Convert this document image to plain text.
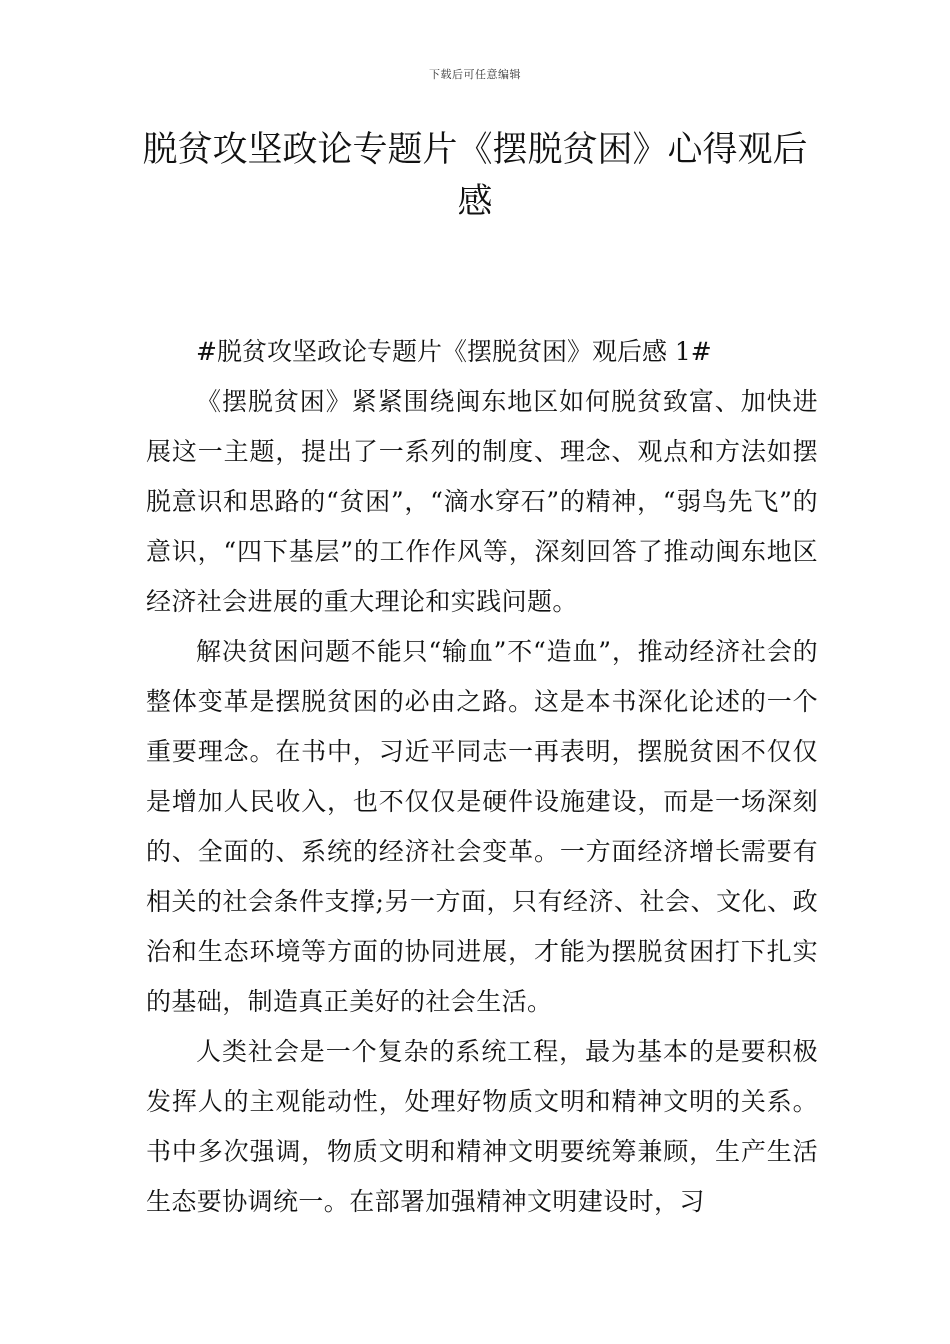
下载后可任意编辑
脱贫攻坚政论专题片《摆脱贫困》心得观后感

#脱贫攻坚政论专题片《摆脱贫困》观后感 1#

《摆脱贫困》紧紧围绕闽东地区如何脱贫致富、加快进展这一主题，提出了一系列的制度、理念、观点和方法如摆脱意识和思路的“贫困”，“滴水穿石”的精神，“弱鸟先飞”的意识，“四下基层”的工作作风等，深刻回答了推动闽东地区经济社会进展的重大理论和实践问题。

解决贫困问题不能只“输血”不“造血”，推动经济社会的整体变革是摆脱贫困的必由之路。这是本书深化论述的一个重要理念。在书中，习近平同志一再表明，摆脱贫困不仅仅是增加人民收入，也不仅仅是硬件设施建设，而是一场深刻的、全面的、系统的经济社会变革。一方面经济增长需要有相关的社会条件支撑;另一方面，只有经济、社会、文化、政治和生态环境等方面的协同进展，才能为摆脱贫困打下扎实的基础，制造真正美好的社会生活。

人类社会是一个复杂的系统工程，最为基本的是要积极发挥人的主观能动性，处理好物质文明和精神文明的关系。书中多次强调，物质文明和精神文明要统筹兼顾，生产生活生态要协调统一。在部署加强精神文明建设时，习
